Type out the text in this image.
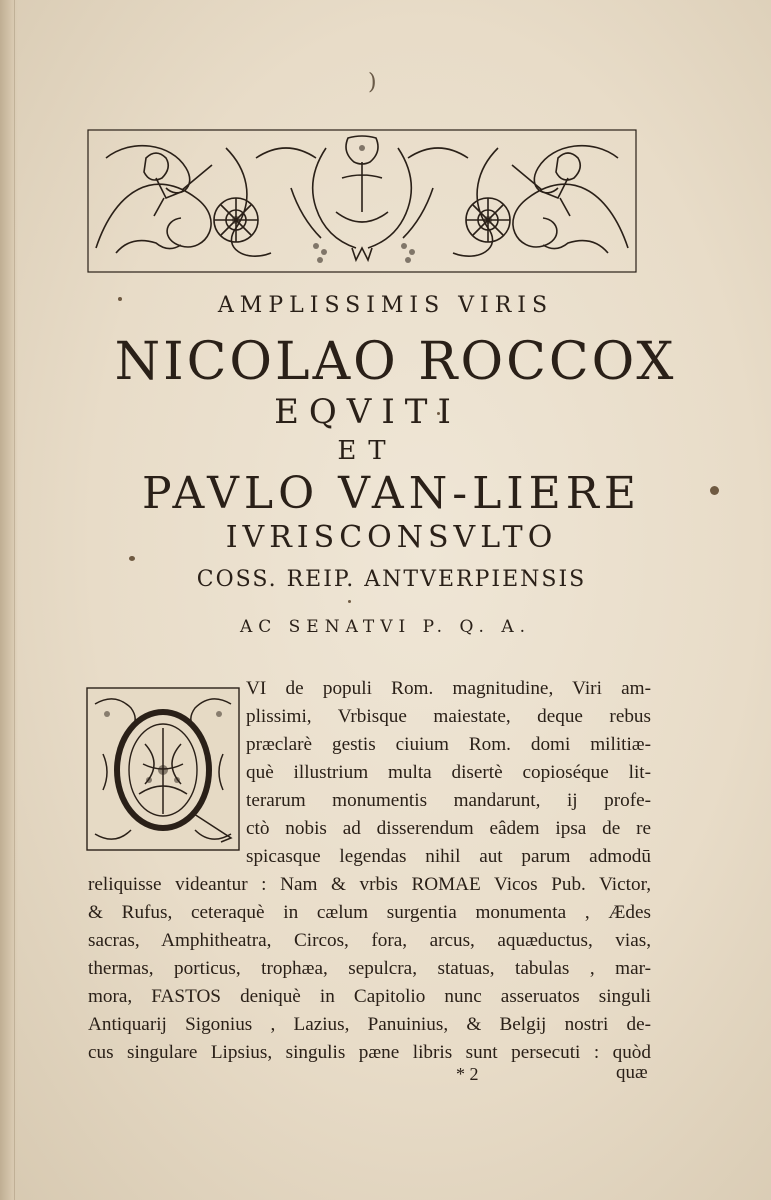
)
AMPLISSIMIS VIRIS
NICOLAO ROCCOX
EQVITI
ET
PAVLO VAN-LIERE
IVRISCONSVLTO
COSS. REIP. ANTVERPIENSIS
AC SENATVI P. Q. A.
VI de populi Rom. magnitudine, Viri am-
plissimi, Vrbisque maiestate, deque rebus
præclarè gestis ciuium Rom. domi militiæ-
què illustrium multa disertè copioséque lit-
terarum monumentis mandarunt, ij profe-
ctò nobis ad disserendum eâdem ipsa de re
spicasque legendas nihil aut parum admodū
reliquisse videantur : Nam & vrbis ROMAE Vicos Pub. Victor,
& Rufus, ceteraquè in cælum surgentia monumenta , Ædes
sacras, Amphitheatra, Circos, fora, arcus, aquæductus, vias,
thermas, porticus, trophæa, sepulcra, statuas, tabulas , mar-
mora, FASTOS deniquè in Capitolio nunc asseruatos singuli
Antiquarij Sigonius , Lazius, Panuinius, & Belgij nostri de-
cus singulare Lipsius, singulis pæne libris sunt persecuti : quòd
* 2	quæ
